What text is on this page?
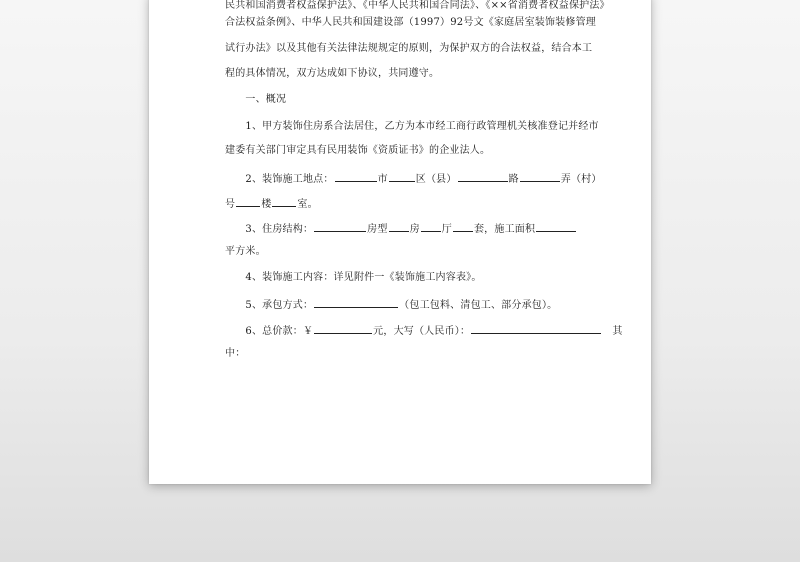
民共和国消费者权益保护法》、《中华人民共和国合同法》、《××省消费者权益保护法》
合法权益条例》、中华人民共和国建设部（1997）92号文《家庭居室装饰装修管理
试行办法》以及其他有关法律法规规定的原则，为保护双方的合法权益，结合本工
程的具体情况，双方达成如下协议，共同遵守。
　　一、概况
　　1、甲方装饰住房系合法居住，乙方为本市经工商行政管理机关核准登记并经市
建委有关部门审定具有民用装饰《资质证书》的企业法人。
　　2、装饰施工地点：	市	区（县）	路	弄（村）
号	楼	室。
　　3、住房结构：	房型 房 厅 套，施工面积
平方米。
　　4、装饰施工内容：详见附件一《装饰施工内容表》。
　　5、承包方式：	（包工包料、清包工、部分承包）。
　　6、总价款：￥	元，大写（人民币）：	　其
中：
